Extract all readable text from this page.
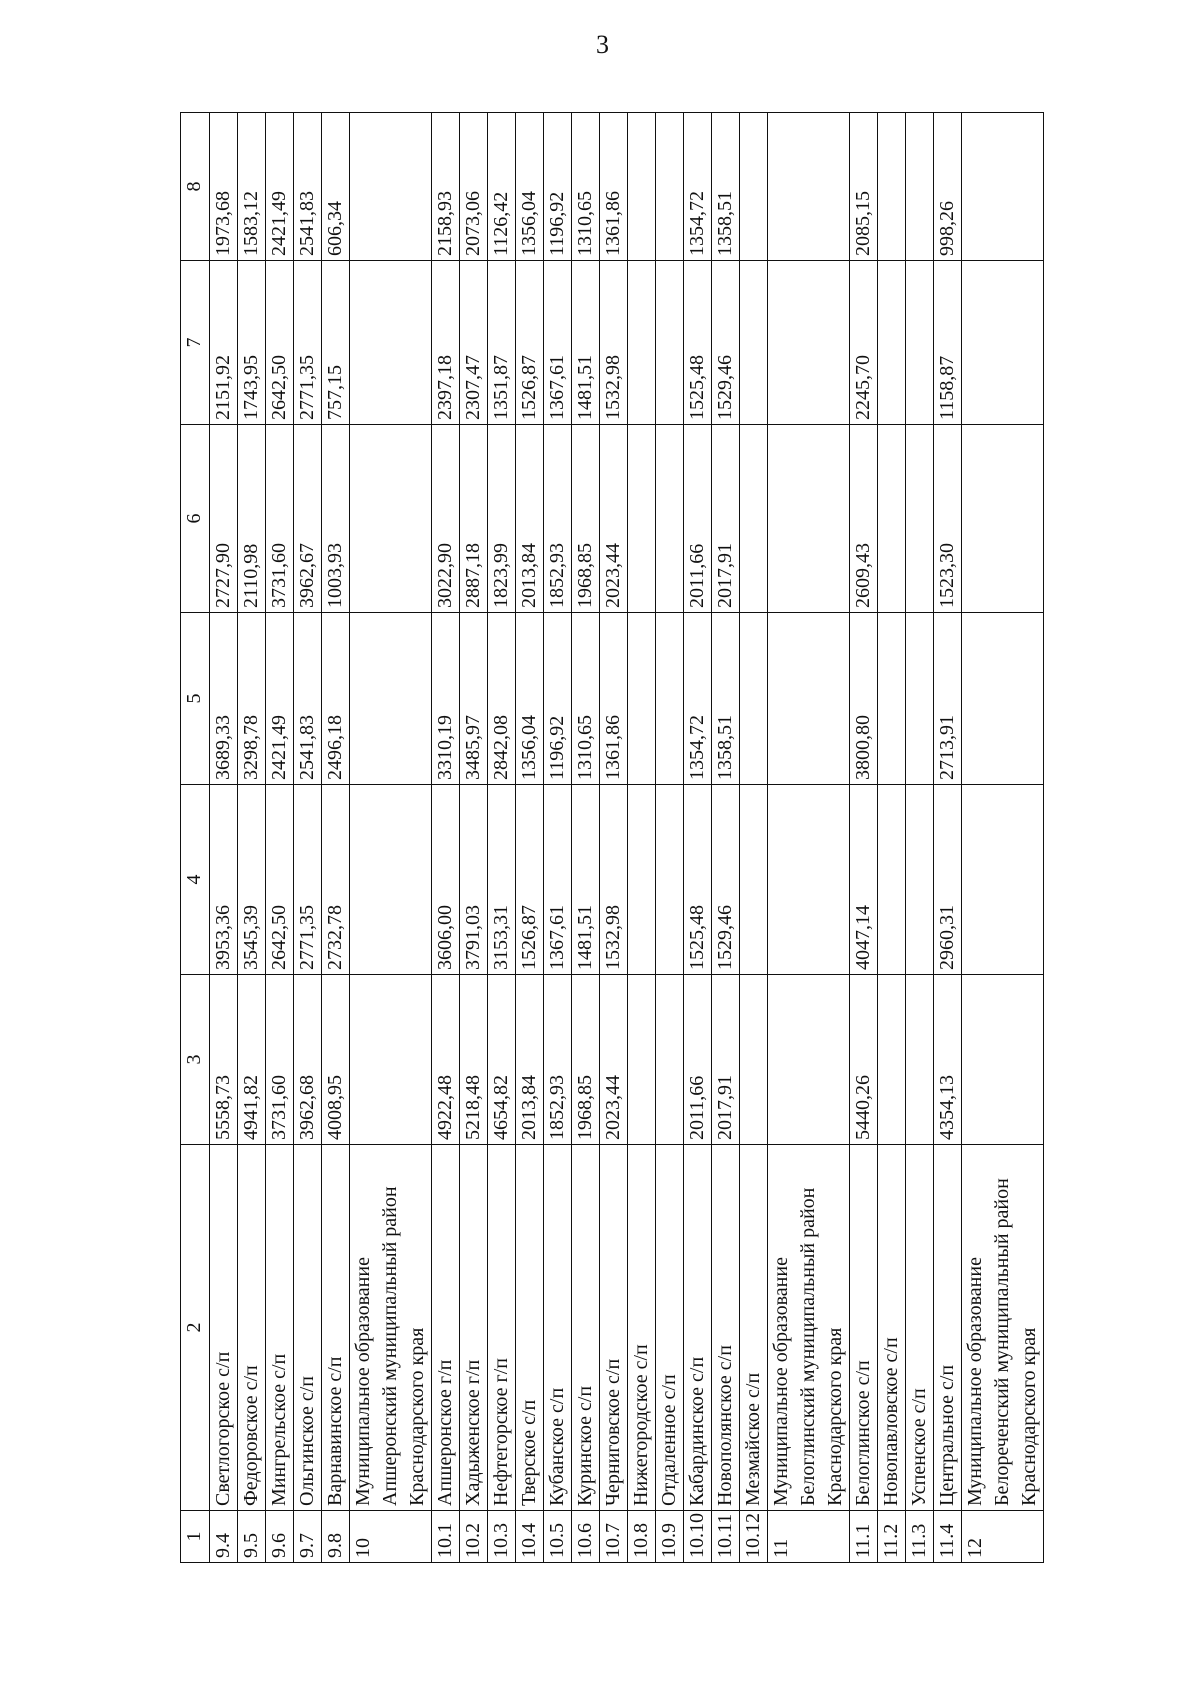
3
1	2	3	4	5	6	7	8
9.4	Светлогорское с/п	5558,73	3953,36	3689,33	2727,90	2151,92	1973,68
9.5	Федоровское с/п	4941,82	3545,39	3298,78	2110,98	1743,95	1583,12
9.6	Мингрельское с/п	3731,60	2642,50	2421,49	3731,60	2642,50	2421,49
9.7	Ольгинское с/п	3962,68	2771,35	2541,83	3962,67	2771,35	2541,83
9.8	Варнавинское с/п	4008,95	2732,78	2496,18	1003,93	757,15	606,34
10	Муниципальное образование Апшеронский муниципальный район Краснодарского края						
10.1	Апшеронское г/п	4922,48	3606,00	3310,19	3022,90	2397,18	2158,93
10.2	Хадыженское г/п	5218,48	3791,03	3485,97	2887,18	2307,47	2073,06
10.3	Нефтегорское г/п	4654,82	3153,31	2842,08	1823,99	1351,87	1126,42
10.4	Тверское с/п	2013,84	1526,87	1356,04	2013,84	1526,87	1356,04
10.5	Кубанское с/п	1852,93	1367,61	1196,92	1852,93	1367,61	1196,92
10.6	Куринское с/п	1968,85	1481,51	1310,65	1968,85	1481,51	1310,65
10.7	Черниговское с/п	2023,44	1532,98	1361,86	2023,44	1532,98	1361,86
10.8	Нижегородское с/п						
10.9	Отдаленное с/п						
10.10	Кабардинское с/п	2011,66	1525,48	1354,72	2011,66	1525,48	1354,72
10.11	Новополянское с/п	2017,91	1529,46	1358,51	2017,91	1529,46	1358,51
10.12	Мезмайское с/п						
11	Муниципальное образование Белоглинский муниципальный район Краснодарского края						
11.1	Белоглинское с/п	5440,26	4047,14	3800,80	2609,43	2245,70	2085,15
11.2	Новопавловское с/п						
11.3	Успенское с/п						
11.4	Центральное с/п	4354,13	2960,31	2713,91	1523,30	1158,87	998,26
12	Муниципальное образование Белореченский муниципальный район Краснодарского края						
